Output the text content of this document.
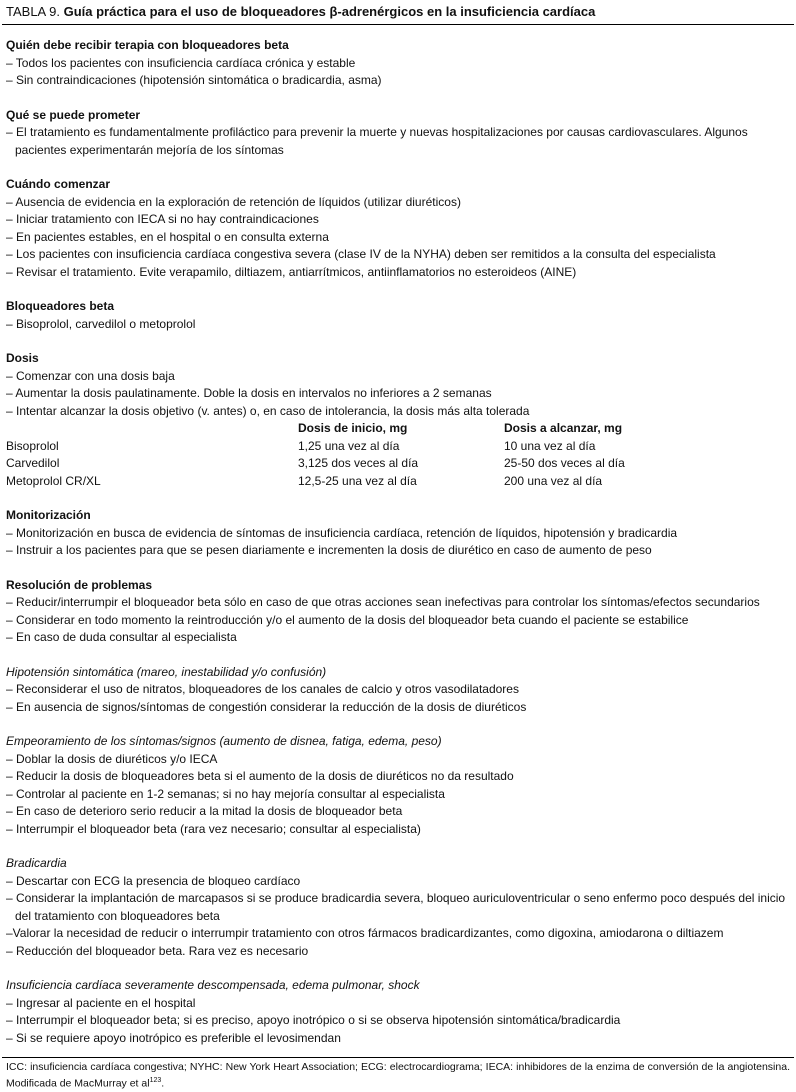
TABLA 9. Guía práctica para el uso de bloqueadores β-adrenérgicos en la insuficiencia cardíaca
Quién debe recibir terapia con bloqueadores beta
– Todos los pacientes con insuficiencia cardíaca crónica y estable
– Sin contraindicaciones (hipotensión sintomática o bradicardia, asma)
Qué se puede prometer
– El tratamiento es fundamentalmente profiláctico para prevenir la muerte y nuevas hospitalizaciones por causas cardiovasculares. Algunos pacientes experimentarán mejoría de los síntomas
Cuándo comenzar
– Ausencia de evidencia en la exploración de retención de líquidos (utilizar diuréticos)
– Iniciar tratamiento con IECA si no hay contraindicaciones
– En pacientes estables, en el hospital o en consulta externa
– Los pacientes con insuficiencia cardíaca congestiva severa (clase IV de la NYHA) deben ser remitidos a la consulta del especialista
– Revisar el tratamiento. Evite verapamilo, diltiazem, antiarrítmicos, antiinflamatorios no esteroideos (AINE)
Bloqueadores beta
– Bisoprolol, carvedilol o metoprolol
Dosis
– Comenzar con una dosis baja
– Aumentar la dosis paulatinamente. Doble la dosis en intervalos no inferiores a 2 semanas
– Intentar alcanzar la dosis objetivo (v. antes) o, en caso de intolerancia, la dosis más alta tolerada
Dosis de inicio, mg	Dosis a alcanzar, mg
Bisoprolol	1,25 una vez al día	10 una vez al día
Carvedilol	3,125 dos veces al día	25-50 dos veces al día
Metoprolol CR/XL	12,5-25 una vez al día	200 una vez al día
Monitorización
– Monitorización en busca de evidencia de síntomas de insuficiencia cardíaca, retención de líquidos, hipotensión y bradicardia
– Instruir a los pacientes para que se pesen diariamente e incrementen la dosis de diurético en caso de aumento de peso
Resolución de problemas
– Reducir/interrumpir el bloqueador beta sólo en caso de que otras acciones sean inefectivas para controlar los síntomas/efectos secundarios
– Considerar en todo momento la reintroducción y/o el aumento de la dosis del bloqueador beta cuando el paciente se estabilice
– En caso de duda consultar al especialista
Hipotensión sintomática (mareo, inestabilidad y/o confusión)
– Reconsiderar el uso de nitratos, bloqueadores de los canales de calcio y otros vasodilatadores
– En ausencia de signos/síntomas de congestión considerar la reducción de la dosis de diuréticos
Empeoramiento de los síntomas/signos (aumento de disnea, fatiga, edema, peso)
– Doblar la dosis de diuréticos y/o IECA
– Reducir la dosis de bloqueadores beta si el aumento de la dosis de diuréticos no da resultado
– Controlar al paciente en 1-2 semanas; si no hay mejoría consultar al especialista
– En caso de deterioro serio reducir a la mitad la dosis de bloqueador beta
– Interrumpir el bloqueador beta (rara vez necesario; consultar al especialista)
Bradicardia
– Descartar con ECG la presencia de bloqueo cardíaco
– Considerar la implantación de marcapasos si se produce bradicardia severa, bloqueo auriculoventricular o seno enfermo poco después del inicio del tratamiento con bloqueadores beta
–Valorar la necesidad de reducir o interrumpir tratamiento con otros fármacos bradicardizantes, como digoxina, amiodarona o diltiazem
– Reducción del bloqueador beta. Rara vez es necesario
Insuficiencia cardíaca severamente descompensada, edema pulmonar, shock
– Ingresar al paciente en el hospital
– Interrumpir el bloqueador beta; si es preciso, apoyo inotrópico o si se observa hipotensión sintomática/bradicardia
– Si se requiere apoyo inotrópico es preferible el levosimendan
ICC: insuficiencia cardíaca congestiva; NYHC: New York Heart Association; ECG: electrocardiograma; IECA: inhibidores de la enzima de conversión de la angiotensina. Modificada de MacMurray et $al^{123}$.
